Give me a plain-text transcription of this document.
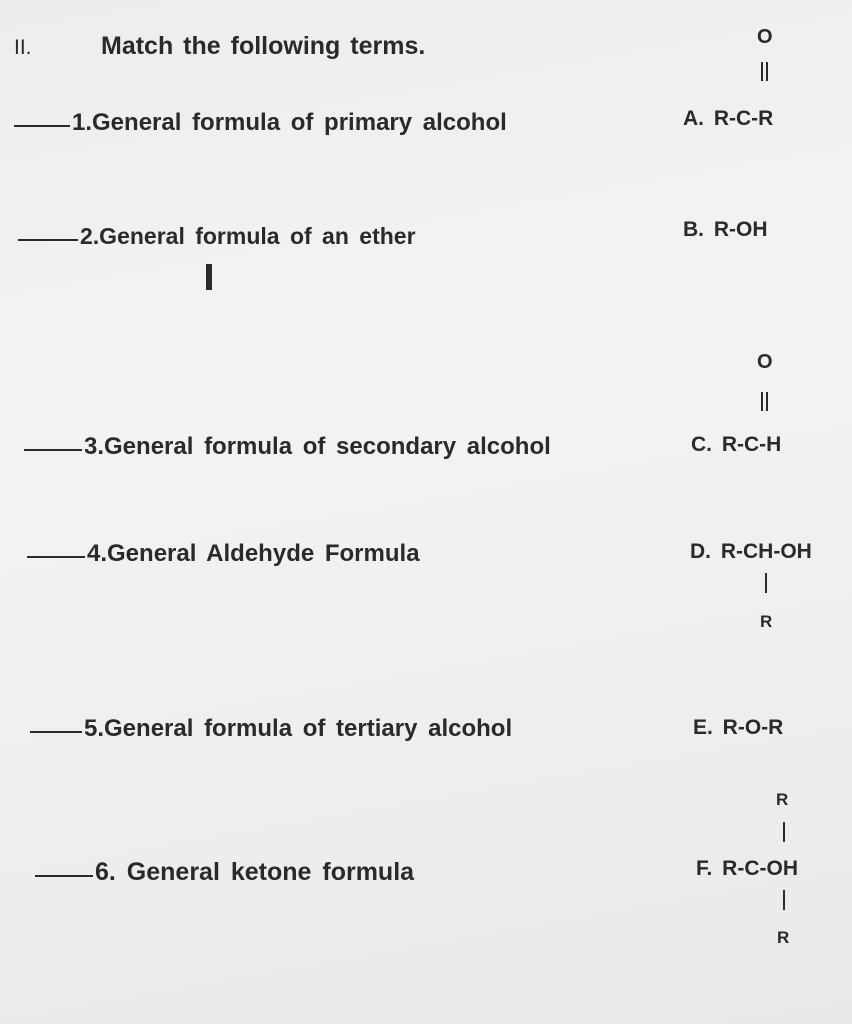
II.	Match the following terms.
1.General formula of primary alcohol
2.General formula of an ether
3.General formula of secondary alcohol
4.General Aldehyde Formula
5.General formula of tertiary alcohol
6. General ketone formula
O
A. R-C-R
B. R-OH
O
C. R-C-H
D. R-CH-OH
R
E. R-O-R
R
F. R-C-OH
R
